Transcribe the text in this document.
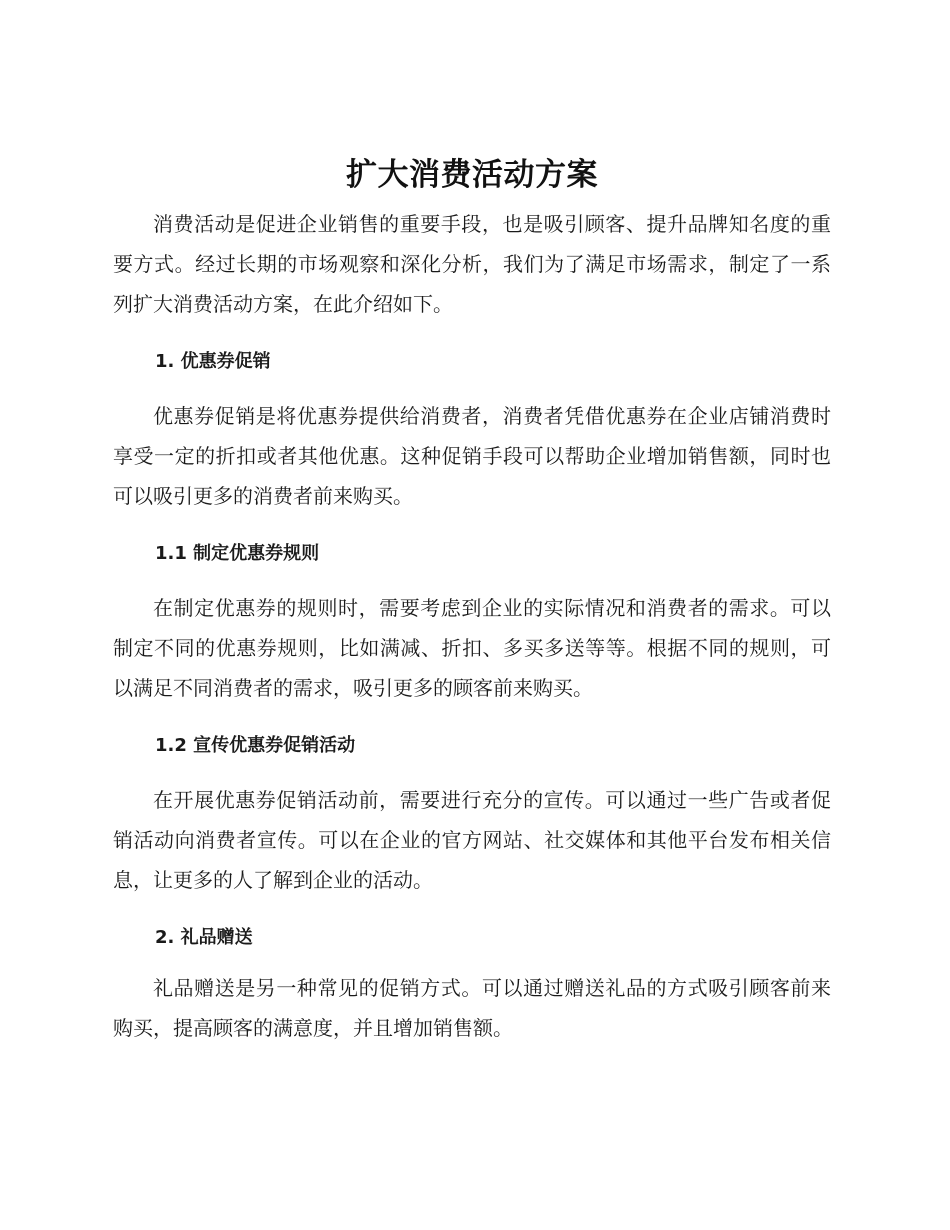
扩大消费活动方案

消费活动是促进企业销售的重要手段，也是吸引顾客、提升品牌知名度的重要方式。经过长期的市场观察和深化分析，我们为了满足市场需求，制定了一系列扩大消费活动方案，在此介绍如下。

1. 优惠券促销

优惠券促销是将优惠券提供给消费者，消费者凭借优惠券在企业店铺消费时享受一定的折扣或者其他优惠。这种促销手段可以帮助企业增加销售额，同时也可以吸引更多的消费者前来购买。

1.1 制定优惠券规则

在制定优惠券的规则时，需要考虑到企业的实际情况和消费者的需求。可以制定不同的优惠券规则，比如满减、折扣、多买多送等等。根据不同的规则，可以满足不同消费者的需求，吸引更多的顾客前来购买。

1.2 宣传优惠券促销活动

在开展优惠券促销活动前，需要进行充分的宣传。可以通过一些广告或者促销活动向消费者宣传。可以在企业的官方网站、社交媒体和其他平台发布相关信息，让更多的人了解到企业的活动。

2. 礼品赠送

礼品赠送是另一种常见的促销方式。可以通过赠送礼品的方式吸引顾客前来购买，提高顾客的满意度，并且增加销售额。
